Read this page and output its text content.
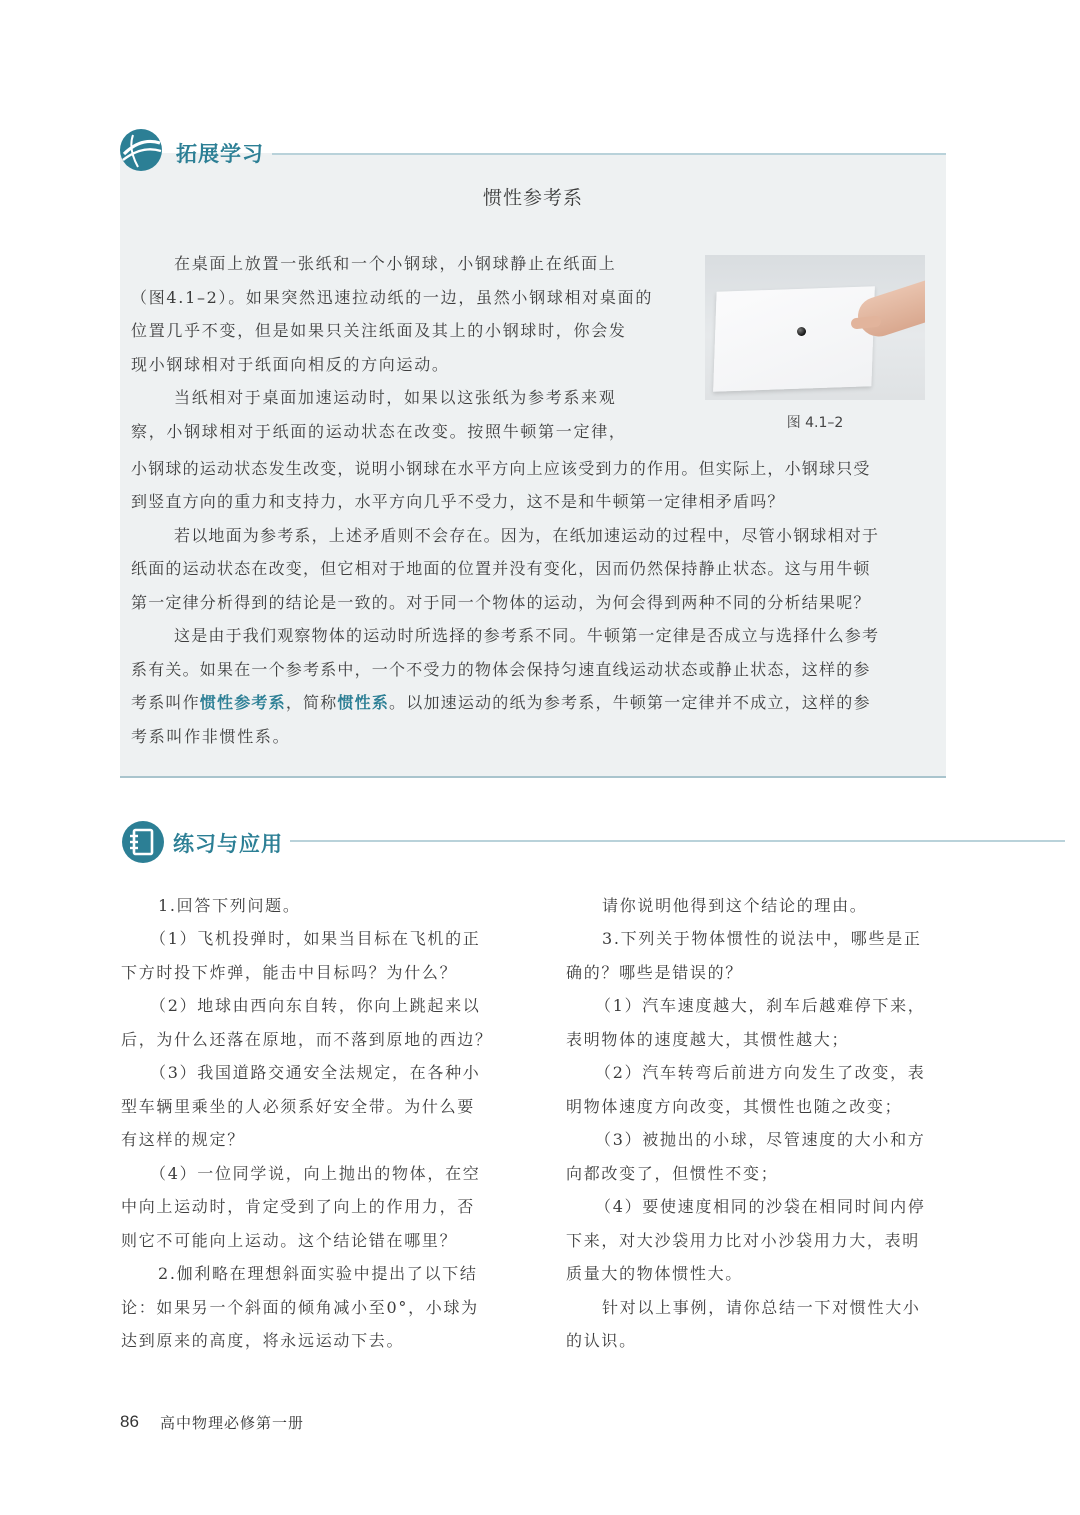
拓展学习
惯性参考系
在桌面上放置一张纸和一个小钢球，小钢球静止在纸面上
（图4.1–2）。如果突然迅速拉动纸的一边，虽然小钢球相对桌面的
位置几乎不变，但是如果只关注纸面及其上的小钢球时，你会发
现小钢球相对于纸面向相反的方向运动。
当纸相对于桌面加速运动时，如果以这张纸为参考系来观
察，小钢球相对于纸面的运动状态在改变。按照牛顿第一定律，
小钢球的运动状态发生改变，说明小钢球在水平方向上应该受到力的作用。但实际上，小钢球只受
到竖直方向的重力和支持力，水平方向几乎不受力，这不是和牛顿第一定律相矛盾吗？
若以地面为参考系，上述矛盾则不会存在。因为，在纸加速运动的过程中，尽管小钢球相对于
纸面的运动状态在改变，但它相对于地面的位置并没有变化，因而仍然保持静止状态。这与用牛顿
第一定律分析得到的结论是一致的。对于同一个物体的运动，为何会得到两种不同的分析结果呢？
这是由于我们观察物体的运动时所选择的参考系不同。牛顿第一定律是否成立与选择什么参考
系有关。如果在一个参考系中，一个不受力的物体会保持匀速直线运动状态或静止状态，这样的参
考系叫作惯性参考系，简称惯性系。以加速运动的纸为参考系，牛顿第一定律并不成立，这样的参
考系叫作非惯性系。
图 4.1–2
练习与应用
1.回答下列问题。
（1）飞机投弹时，如果当目标在飞机的正
下方时投下炸弹，能击中目标吗？为什么？
（2）地球由西向东自转，你向上跳起来以
后，为什么还落在原地，而不落到原地的西边？
（3）我国道路交通安全法规定，在各种小
型车辆里乘坐的人必须系好安全带。为什么要
有这样的规定？
（4）一位同学说，向上抛出的物体，在空
中向上运动时，肯定受到了向上的作用力，否
则它不可能向上运动。这个结论错在哪里？
2.伽利略在理想斜面实验中提出了以下结
论：如果另一个斜面的倾角减小至0°，小球为
达到原来的高度，将永远运动下去。
请你说明他得到这个结论的理由。
3.下列关于物体惯性的说法中，哪些是正
确的？哪些是错误的？
（1）汽车速度越大，刹车后越难停下来，
表明物体的速度越大，其惯性越大；
（2）汽车转弯后前进方向发生了改变，表
明物体速度方向改变，其惯性也随之改变；
（3）被抛出的小球，尽管速度的大小和方
向都改变了，但惯性不变；
（4）要使速度相同的沙袋在相同时间内停
下来，对大沙袋用力比对小沙袋用力大，表明
质量大的物体惯性大。
针对以上事例，请你总结一下对惯性大小
的认识。
86 高中物理必修第一册
